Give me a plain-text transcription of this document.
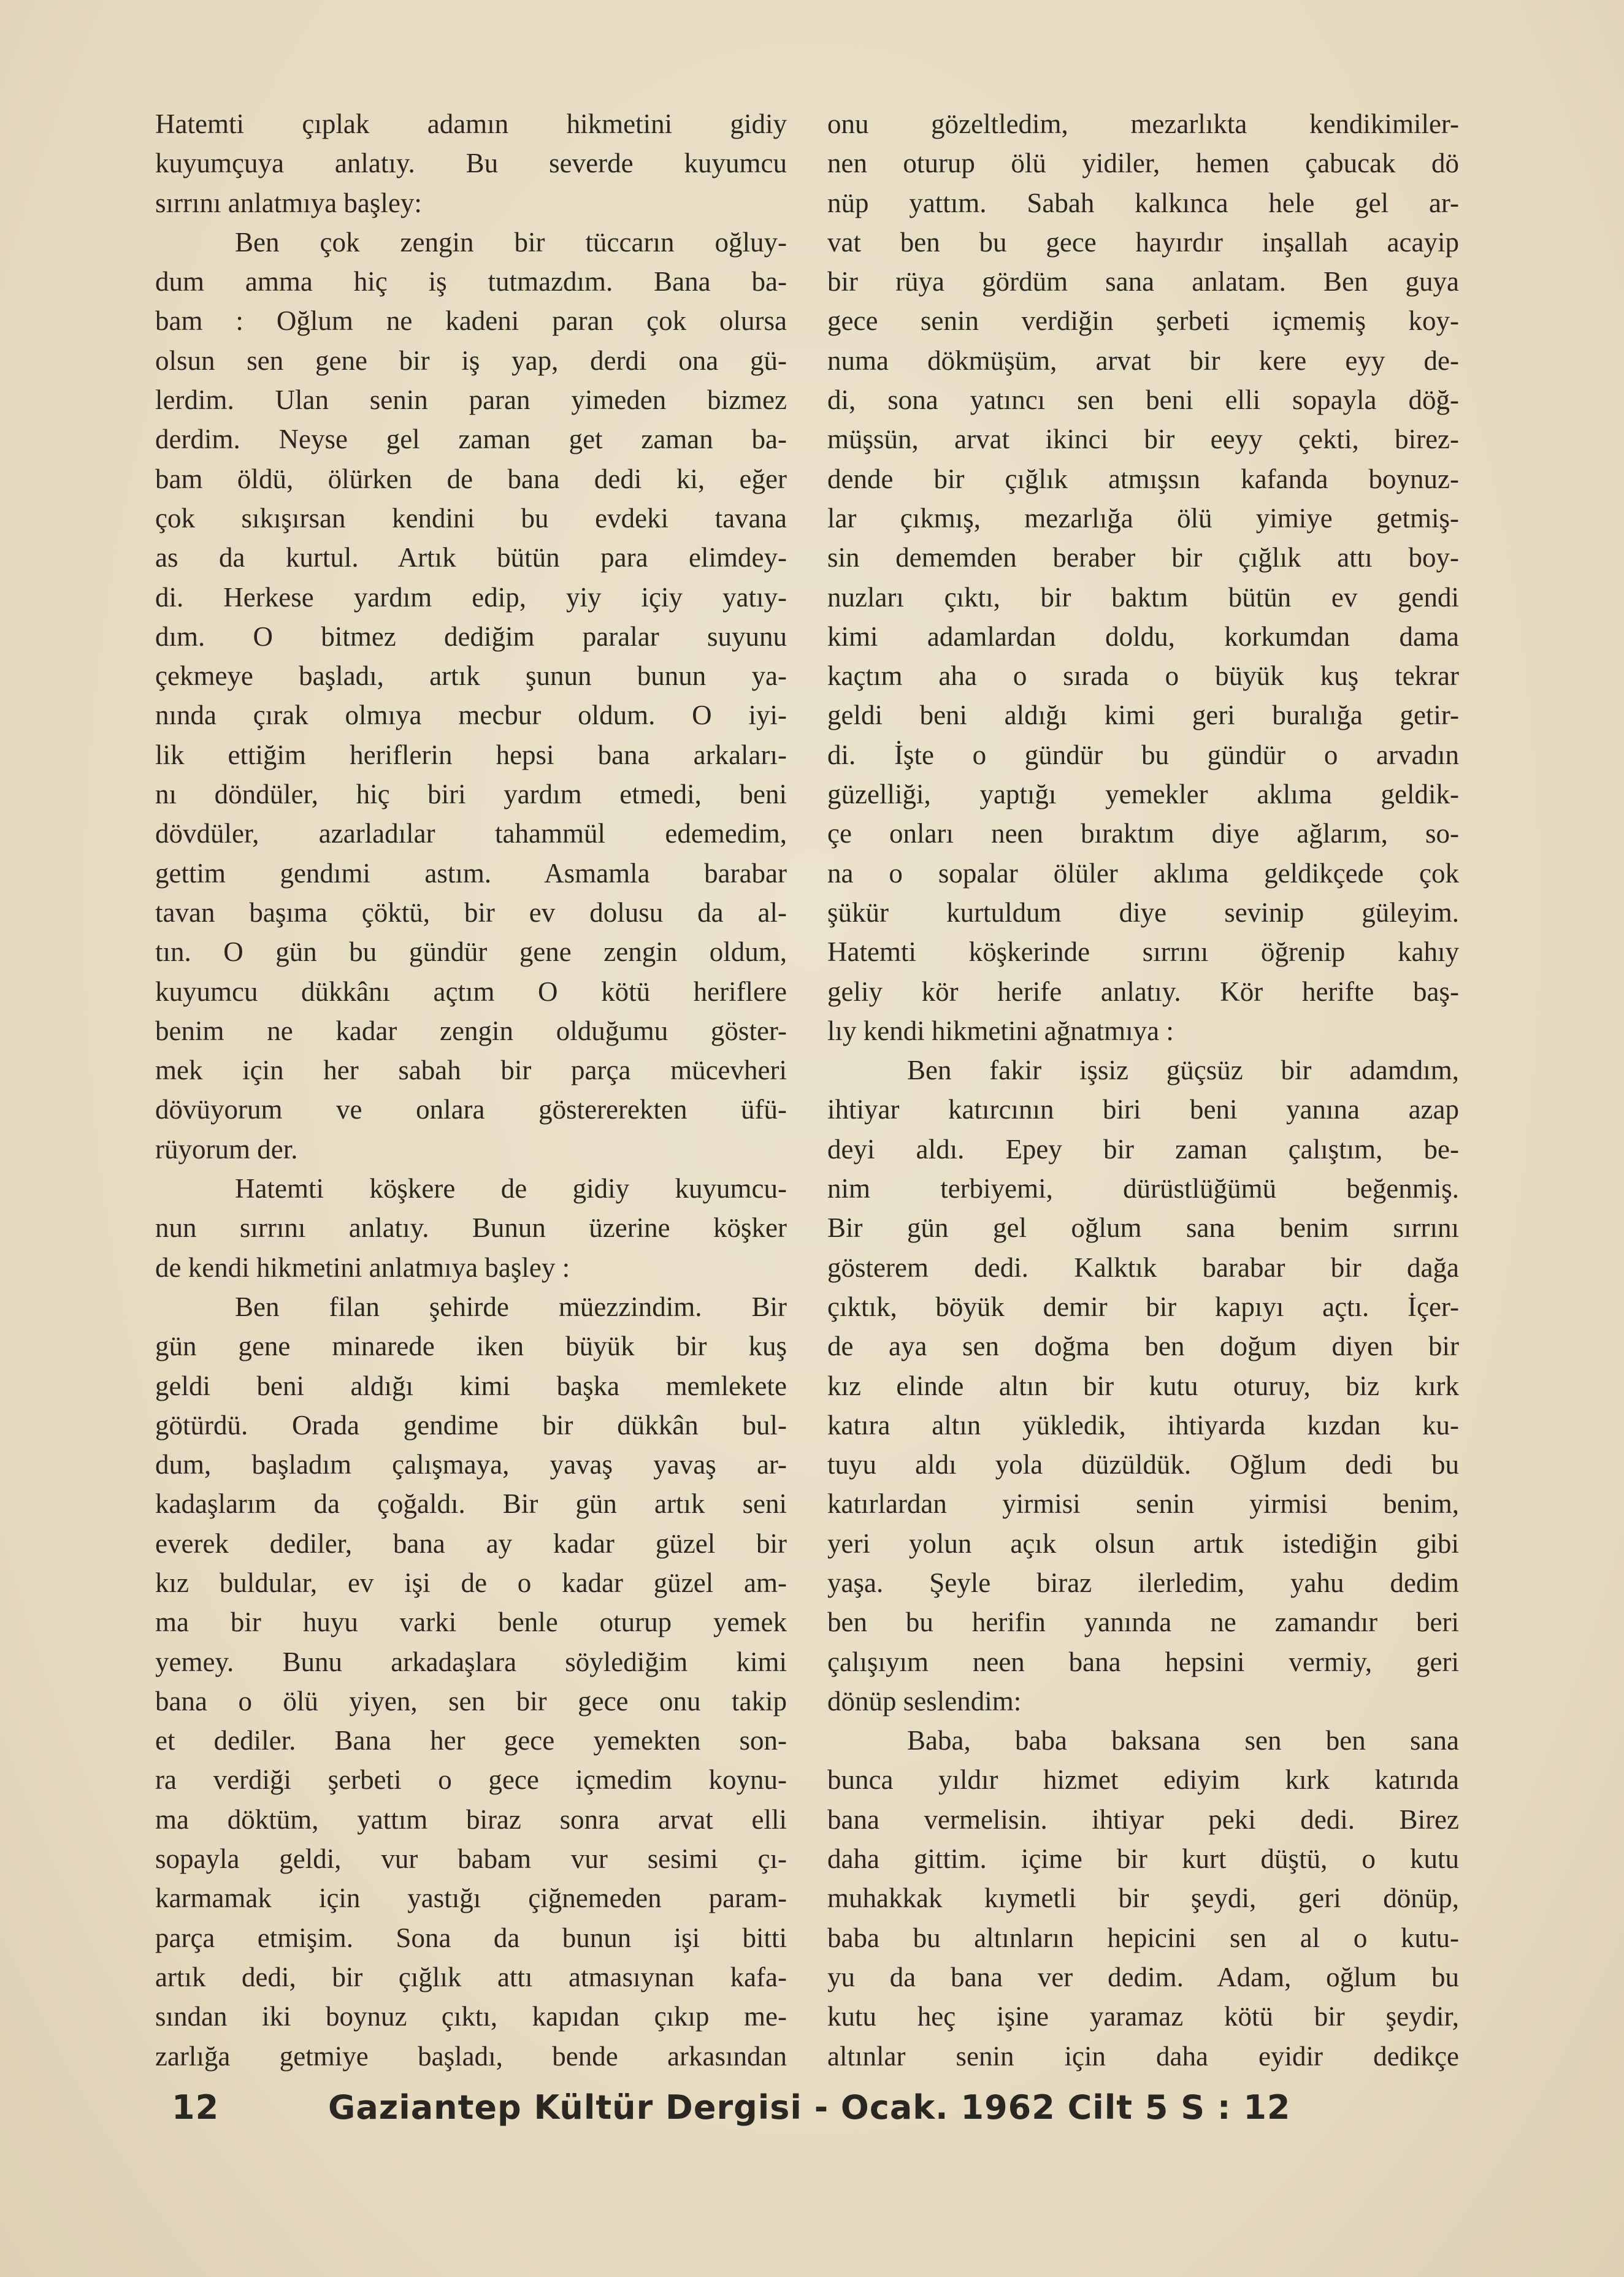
Hatemti çıplak adamın hikmetini gidiy
kuyumçuya anlatıy. Bu severde kuyumcu
sırrını anlatmıya başley:
Ben çok zengin bir tüccarın oğluy-
dum amma hiç iş tutmazdım. Bana ba-
bam : Oğlum ne kadeni paran çok olursa
olsun sen gene bir iş yap, derdi ona gü-
lerdim. Ulan senin paran yimeden bizmez
derdim. Neyse gel zaman get zaman ba-
bam öldü, ölürken de bana dedi ki, eğer
çok sıkışırsan kendini bu evdeki tavana
as da kurtul. Artık bütün para elimdey-
di. Herkese yardım edip, yiy içiy yatıy-
dım. O bitmez dediğim paralar suyunu
çekmeye başladı, artık şunun bunun ya-
nında çırak olmıya mecbur oldum. O iyi-
lik ettiğim heriflerin hepsi bana arkaları-
nı döndüler, hiç biri yardım etmedi, beni
dövdüler, azarladılar tahammül edemedim,
gettim gendımi astım. Asmamla barabar
tavan başıma çöktü, bir ev dolusu da al-
tın. O gün bu gündür gene zengin oldum,
kuyumcu dükkânı açtım O kötü heriflere
benim ne kadar zengin olduğumu göster-
mek için her sabah bir parça mücevheri
dövüyorum ve onlara göstererekten üfü-
rüyorum der.
Hatemti köşkere de gidiy kuyumcu-
nun sırrını anlatıy. Bunun üzerine köşker
de kendi hikmetini anlatmıya başley :
Ben filan şehirde müezzindim. Bir
gün gene minarede iken büyük bir kuş
geldi beni aldığı kimi başka memlekete
götürdü. Orada gendime bir dükkân bul-
dum, başladım çalışmaya, yavaş yavaş ar-
kadaşlarım da çoğaldı. Bir gün artık seni
everek dediler, bana ay kadar güzel bir
kız buldular, ev işi de o kadar güzel am-
ma bir huyu varki benle oturup yemek
yemey. Bunu arkadaşlara söylediğim kimi
bana o ölü yiyen, sen bir gece onu takip
et dediler. Bana her gece yemekten son-
ra verdiği şerbeti o gece içmedim koynu-
ma döktüm, yattım biraz sonra arvat elli
sopayla geldi, vur babam vur sesimi çı-
karmamak için yastığı çiğnemeden param-
parça etmişim. Sona da bunun işi bitti
artık dedi, bir çığlık attı atmasıynan kafa-
sından iki boynuz çıktı, kapıdan çıkıp me-
zarlığa getmiye başladı, bende arkasından
onu gözeltledim, mezarlıkta kendikimiler-
nen oturup ölü yidiler, hemen çabucak dö
nüp yattım. Sabah kalkınca hele gel ar-
vat ben bu gece hayırdır inşallah acayip
bir rüya gördüm sana anlatam. Ben guya
gece senin verdiğin şerbeti içmemiş koy-
numa dökmüşüm, arvat bir kere eyy de-
di, sona yatıncı sen beni elli sopayla döğ-
müşsün, arvat ikinci bir eeyy çekti, birez-
dende bir çığlık atmışsın kafanda boynuz-
lar çıkmış, mezarlığa ölü yimiye getmiş-
sin dememden beraber bir çığlık attı boy-
nuzları çıktı, bir baktım bütün ev gendi
kimi adamlardan doldu, korkumdan dama
kaçtım aha o sırada o büyük kuş tekrar
geldi beni aldığı kimi geri buralığa getir-
di. İşte o gündür bu gündür o arvadın
güzelliği, yaptığı yemekler aklıma geldik-
çe onları neen bıraktım diye ağlarım, so-
na o sopalar ölüler aklıma geldikçede çok
şükür kurtuldum diye sevinip güleyim.
Hatemti köşkerinde sırrını öğrenip kahıy
geliy kör herife anlatıy. Kör herifte baş-
lıy kendi hikmetini ağnatmıya :
Ben fakir işsiz güçsüz bir adamdım,
ihtiyar katırcının biri beni yanına azap
deyi aldı. Epey bir zaman çalıştım, be-
nim terbiyemi, dürüstlüğümü beğenmiş.
Bir gün gel oğlum sana benim sırrını
gösterem dedi. Kalktık barabar bir dağa
çıktık, böyük demir bir kapıyı açtı. İçer-
de aya sen doğma ben doğum diyen bir
kız elinde altın bir kutu oturuy, biz kırk
katıra altın yükledik, ihtiyarda kızdan ku-
tuyu aldı yola düzüldük. Oğlum dedi bu
katırlardan yirmisi senin yirmisi benim,
yeri yolun açık olsun artık istediğin gibi
yaşa. Şeyle biraz ilerledim, yahu dedim
ben bu herifin yanında ne zamandır beri
çalışıyım neen bana hepsini vermiy, geri
dönüp seslendim:
Baba, baba baksana sen ben sana
bunca yıldır hizmet ediyim kırk katırıda
bana vermelisin. ihtiyar peki dedi. Birez
daha gittim. içime bir kurt düştü, o kutu
muhakkak kıymetli bir şeydi, geri dönüp,
baba bu altınların hepicini sen al o kutu-
yu da bana ver dedim. Adam, oğlum bu
kutu heç işine yaramaz kötü bir şeydir,
altınlar senin için daha eyidir dedikçe
12	Gaziantep Kültür Dergisi - Ocak. 1962 Cilt 5 S : 12
